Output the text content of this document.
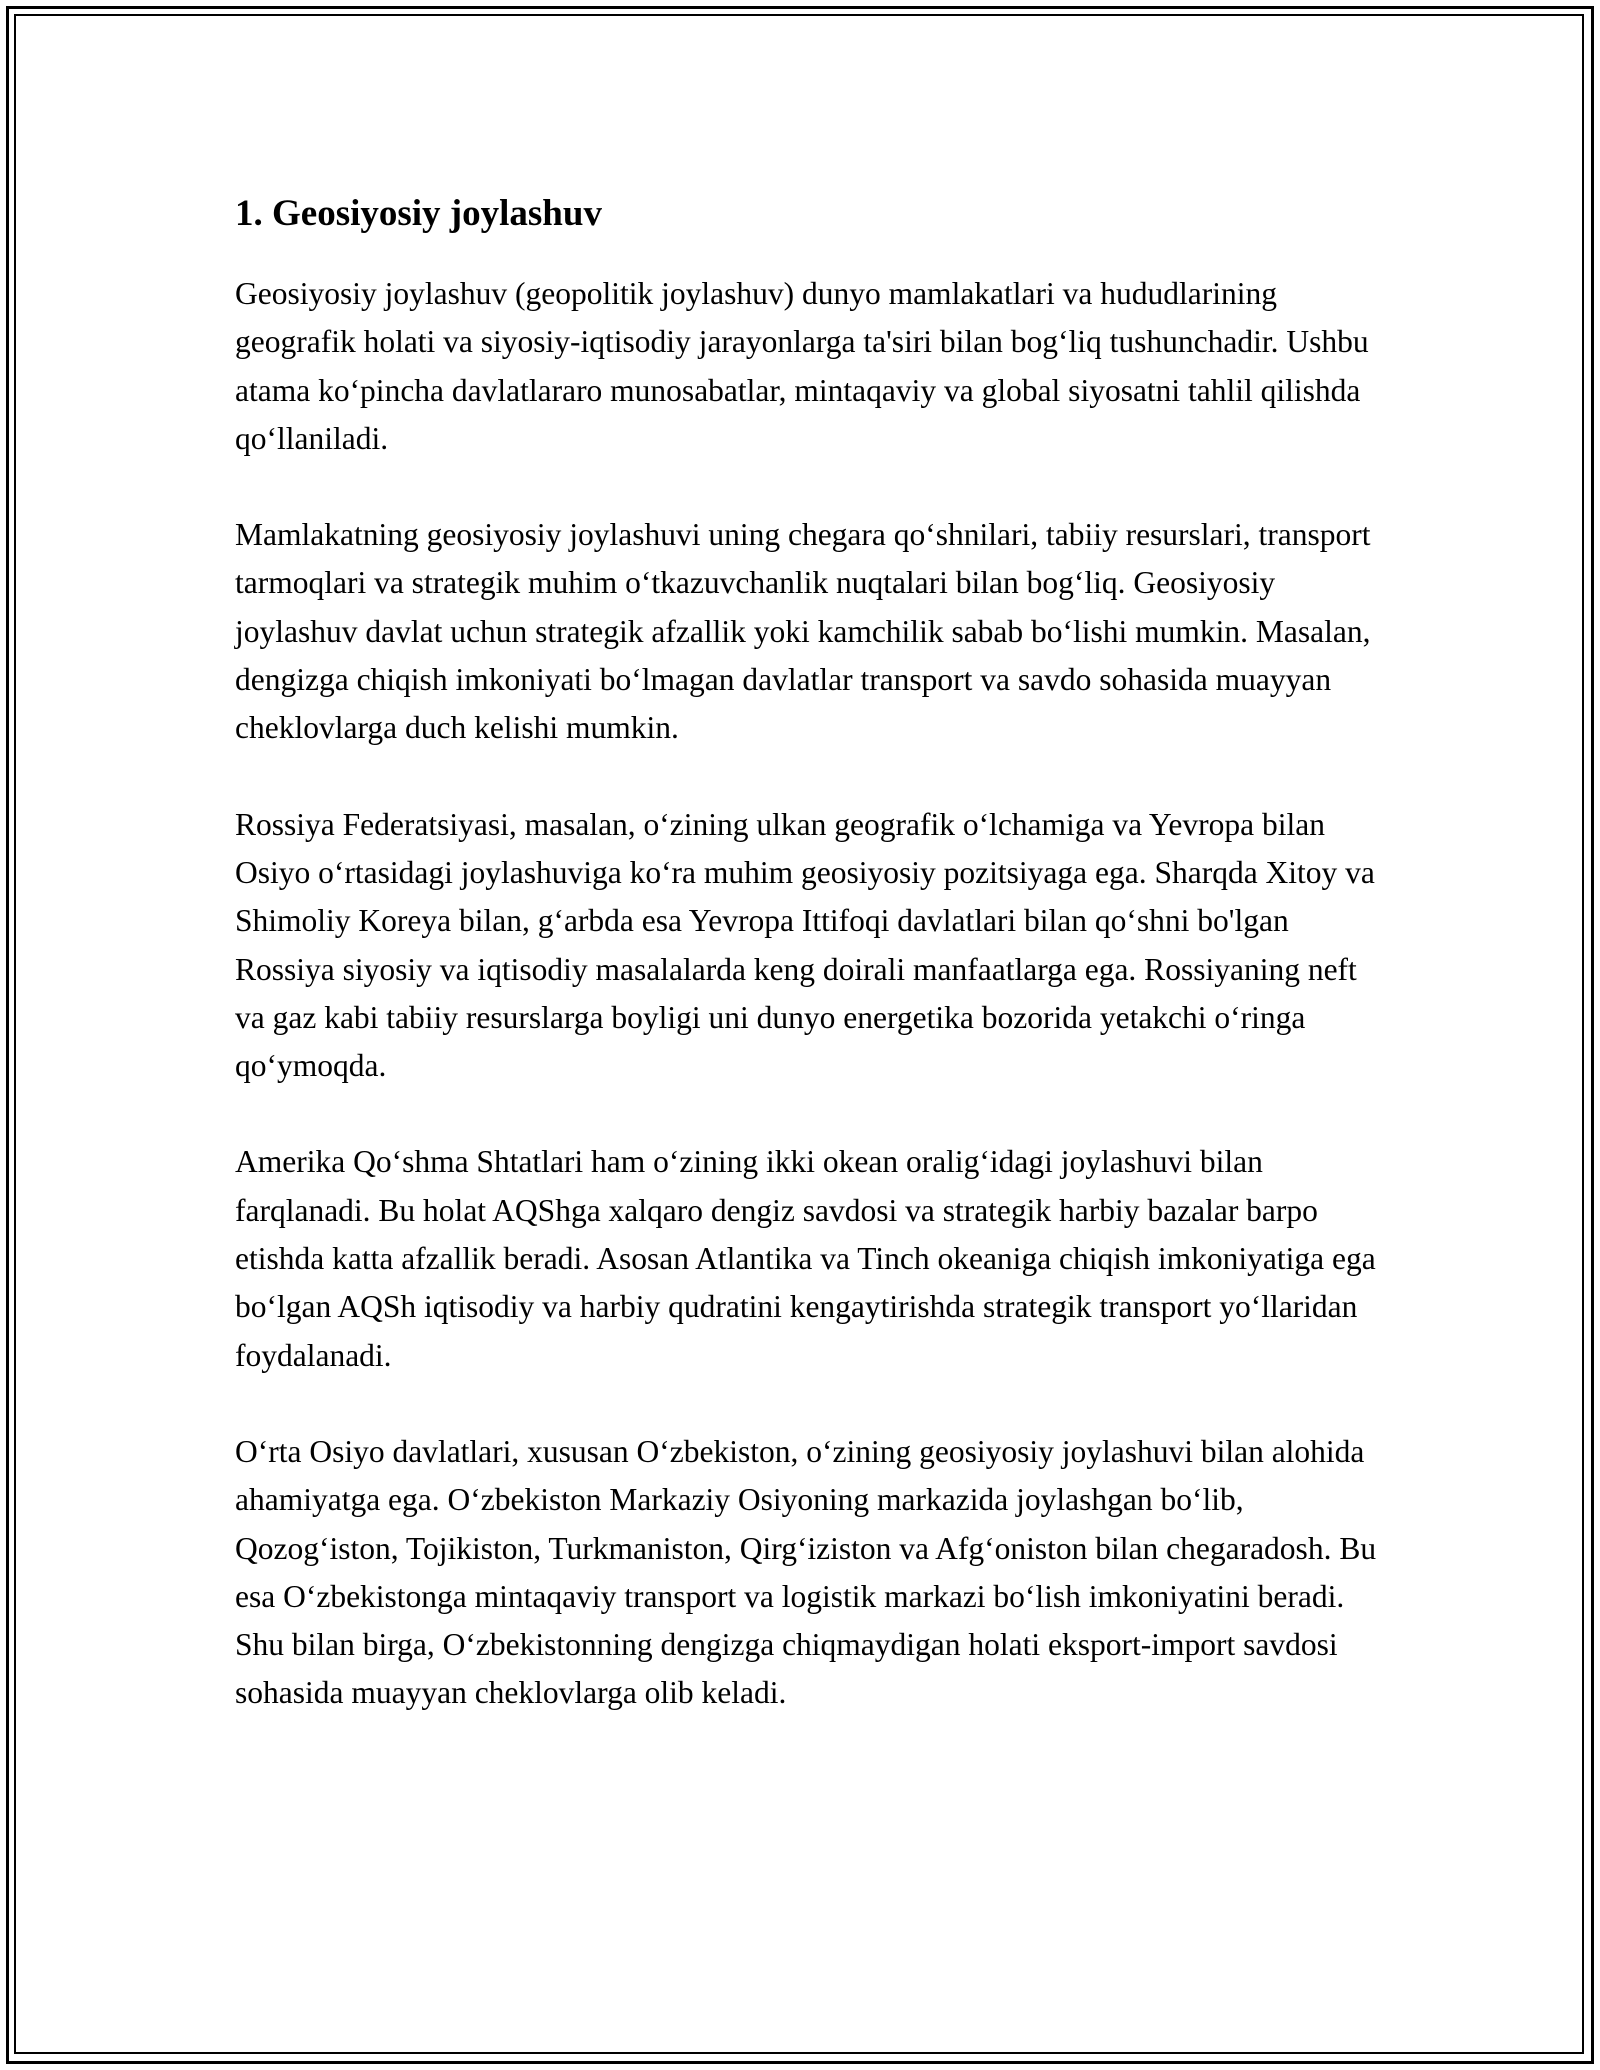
1. Geosiyosiy joylashuv

Geosiyosiy joylashuv (geopolitik joylashuv) dunyo mamlakatlari va hududlarining geografik holati va siyosiy-iqtisodiy jarayonlarga ta'siri bilan bog‘liq tushunchadir. Ushbu atama ko‘pincha davlatlararo munosabatlar, mintaqaviy va global siyosatni tahlil qilishda qo‘llaniladi.

Mamlakatning geosiyosiy joylashuvi uning chegara qo‘shnilari, tabiiy resurslari, transport tarmoqlari va strategik muhim o‘tkazuvchanlik nuqtalari bilan bog‘liq. Geosiyosiy joylashuv davlat uchun strategik afzallik yoki kamchilik sabab bo‘lishi mumkin. Masalan, dengizga chiqish imkoniyati bo‘lmagan davlatlar transport va savdo sohasida muayyan cheklovlarga duch kelishi mumkin.

Rossiya Federatsiyasi, masalan, o‘zining ulkan geografik o‘lchamiga va Yevropa bilan Osiyo o‘rtasidagi joylashuviga ko‘ra muhim geosiyosiy pozitsiyaga ega. Sharqda Xitoy va Shimoliy Koreya bilan, g‘arbda esa Yevropa Ittifoqi davlatlari bilan qo‘shni bo'lgan Rossiya siyosiy va iqtisodiy masalalarda keng doirali manfaatlarga ega. Rossiyaning neft va gaz kabi tabiiy resurslarga boyligi uni dunyo energetika bozorida yetakchi o‘ringa qo‘ymoqda.

Amerika Qo‘shma Shtatlari ham o‘zining ikki okean oralig‘idagi joylashuvi bilan farqlanadi. Bu holat AQShga xalqaro dengiz savdosi va strategik harbiy bazalar barpo etishda katta afzallik beradi. Asosan Atlantika va Tinch okeaniga chiqish imkoniyatiga ega bo‘lgan AQSh iqtisodiy va harbiy qudratini kengaytirishda strategik transport yo‘llaridan foydalanadi.

O‘rta Osiyo davlatlari, xususan O‘zbekiston, o‘zining geosiyosiy joylashuvi bilan alohida ahamiyatga ega. O‘zbekiston Markaziy Osiyoning markazida joylashgan bo‘lib, Qozog‘iston, Tojikiston, Turkmaniston, Qirg‘iziston va Afg‘oniston bilan chegaradosh. Bu esa O‘zbekistonga mintaqaviy transport va logistik markazi bo‘lish imkoniyatini beradi. Shu bilan birga, O‘zbekistonning dengizga chiqmaydigan holati eksport-import savdosi sohasida muayyan cheklovlarga olib keladi.
